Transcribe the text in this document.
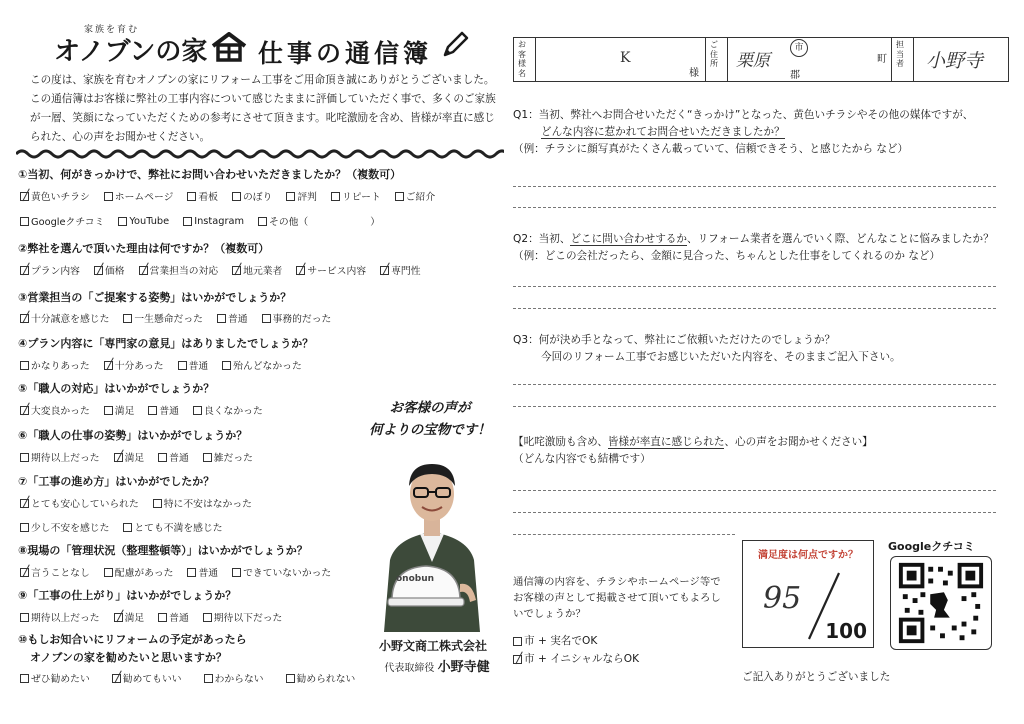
家族を育む
オノブンの家 仕事の通信簿
この度は、家族を育むオノブンの家にリフォーム工事をご用命頂き誠にありがとうございました。この通信簿はお客様に弊社の工事内容について感じたままに評価していただく事で、多くのご家族が一層、笑顔になっていただくための参考にさせて頂きます。叱咤激励を含め、皆様が率直に感じられた、心の声をお聞かせください。
①当初、何がきっかけで、弊社にお問い合わせいただきましたか？（複数可）
黄色いチラシ	ホームページ	看板	のぼり	評判	リピート	ご紹介
Googleクチコミ	YouTube	Instagram	その他（	）
②弊社を選んで頂いた理由は何ですか？（複数可）
プラン内容	価格	営業担当の対応	地元業者	サービス内容	専門性
③営業担当の「ご提案する姿勢」はいかがでしょうか？
十分誠意を感じた	一生懸命だった	普通	事務的だった
④プラン内容に「専門家の意見」はありましたでしょうか？
かなりあった	十分あった	普通	殆んどなかった
⑤「職人の対応」はいかがでしょうか？
大変良かった	満足	普通	良くなかった
⑥「職人の仕事の姿勢」はいかがでしょうか？
期待以上だった	満足	普通	雑だった
⑦「工事の進め方」はいかがでしたか？
とても安心していられた	特に不安はなかった
少し不安を感じた	とても不満を感じた
⑧現場の「管理状況（整理整頓等）」はいかがでしょうか？
言うことなし	配慮があった	普通	できていないかった
⑨「工事の仕上がり」はいかがでしょうか？
期待以上だった	満足	普通	期待以下だった
⑩もしお知合いにリフォームの予定があったら
オノブンの家を勧めたいと思いますか？
ぜひ勧めたい	勧めてもいい	わからない	勧められない
お客様の声が
何よりの宝物です！
onobun
小野文商工株式会社
代表取締役 小野寺健
お客様名
K
様
ご住所 栗原
市
郡
町
担当者 小野寺
Q1：当初、弊社へお問合せいただく“きっかけ”となった、黄色いチラシやその他の媒体ですが、
どんな内容に惹かれてお問合せいただきましたか？
（例：チラシに顔写真がたくさん載っていて、信頼できそう、と感じたから など）
Q2：当初、どこに問い合わせするか、リフォーム業者を選んでいく際、どんなことに悩みましたか？
（例：どこの会社だったら、金額に見合った、ちゃんとした仕事をしてくれるのか など）
Q3：何が決め手となって、弊社にご依頼いただけたのでしょうか？
今回のリフォーム工事でお感じいただいた内容を、そのままご記入下さい。
【叱咤激励も含め、皆様が率直に感じられた、心の声をお聞かせください】
（どんな内容でも結構です）
通信簿の内容を、チラシやホームページ等でお客様の声として掲載させて頂いてもよろしいでしょうか？
市 + 実名でOK
市 + イニシャルならOK
満足度は何点ですか？
95
100
Googleクチコミ
ご記入ありがとうございました
